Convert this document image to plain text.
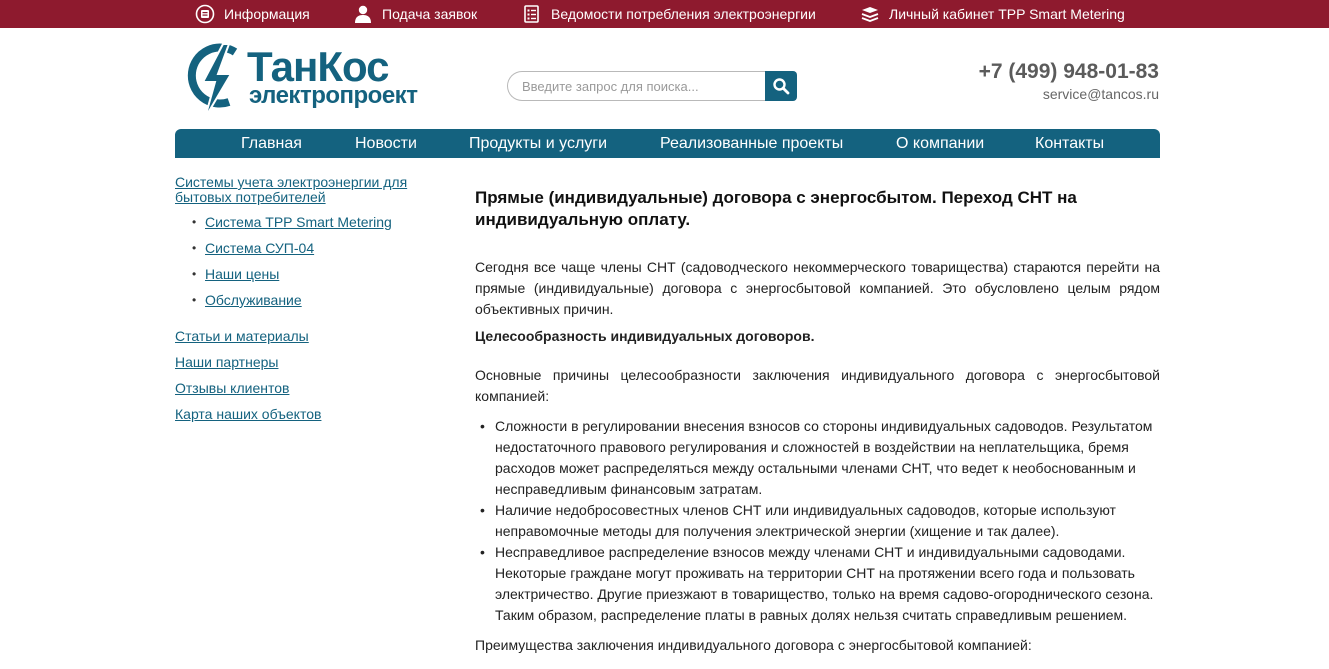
Информация	Подача заявок	Ведомости потребления электроэнергии	Личный кабинет TPP Smart Metering
ТанКос
электропроект
Введите запрос для поиска...
+7 (499) 948-01-83
service@tancos.ru
Главная	Новости	Продукты и услуги	Реализованные проекты	О компании	Контакты
Системы учета электроэнергии для бытовых потребителей
• Система TPP Smart Metering
• Система СУП-04
• Наши цены
• Обслуживание
Статьи и материалы
Наши партнеры
Отзывы клиентов
Карта наших объектов
Прямые (индивидуальные) договора с энергосбытом. Переход СНТ на индивидуальную оплату.

Сегодня все чаще члены СНТ (садоводческого некоммерческого товарищества) стараются перейти на прямые (индивидуальные) договора с энергосбытовой компанией. Это обусловлено целым рядом объективных причин.

Целесообразность индивидуальных договоров.

Основные причины целесообразности заключения индивидуального договора с энергосбытовой компанией:

• Сложности в регулировании внесения взносов со стороны индивидуальных садоводов. Результатом недостаточного правового регулирования и сложностей в воздействии на неплательщика, бремя расходов может распределяться между остальными членами СНТ, что ведет к необоснованным и несправедливым финансовым затратам.
• Наличие недобросовестных членов СНТ или индивидуальных садоводов, которые используют неправомочные методы для получения электрической энергии (хищение и так далее).
• Несправедливое распределение взносов между членами СНТ и индивидуальными садоводами. Некоторые граждане могут проживать на территории СНТ на протяжении всего года и пользовать электричество. Другие приезжают в товарищество, только на время садово-огороднического сезона. Таким образом, распределение платы в равных долях нельзя считать справедливым решением.

Преимущества заключения индивидуального договора с энергосбытовой компанией:
